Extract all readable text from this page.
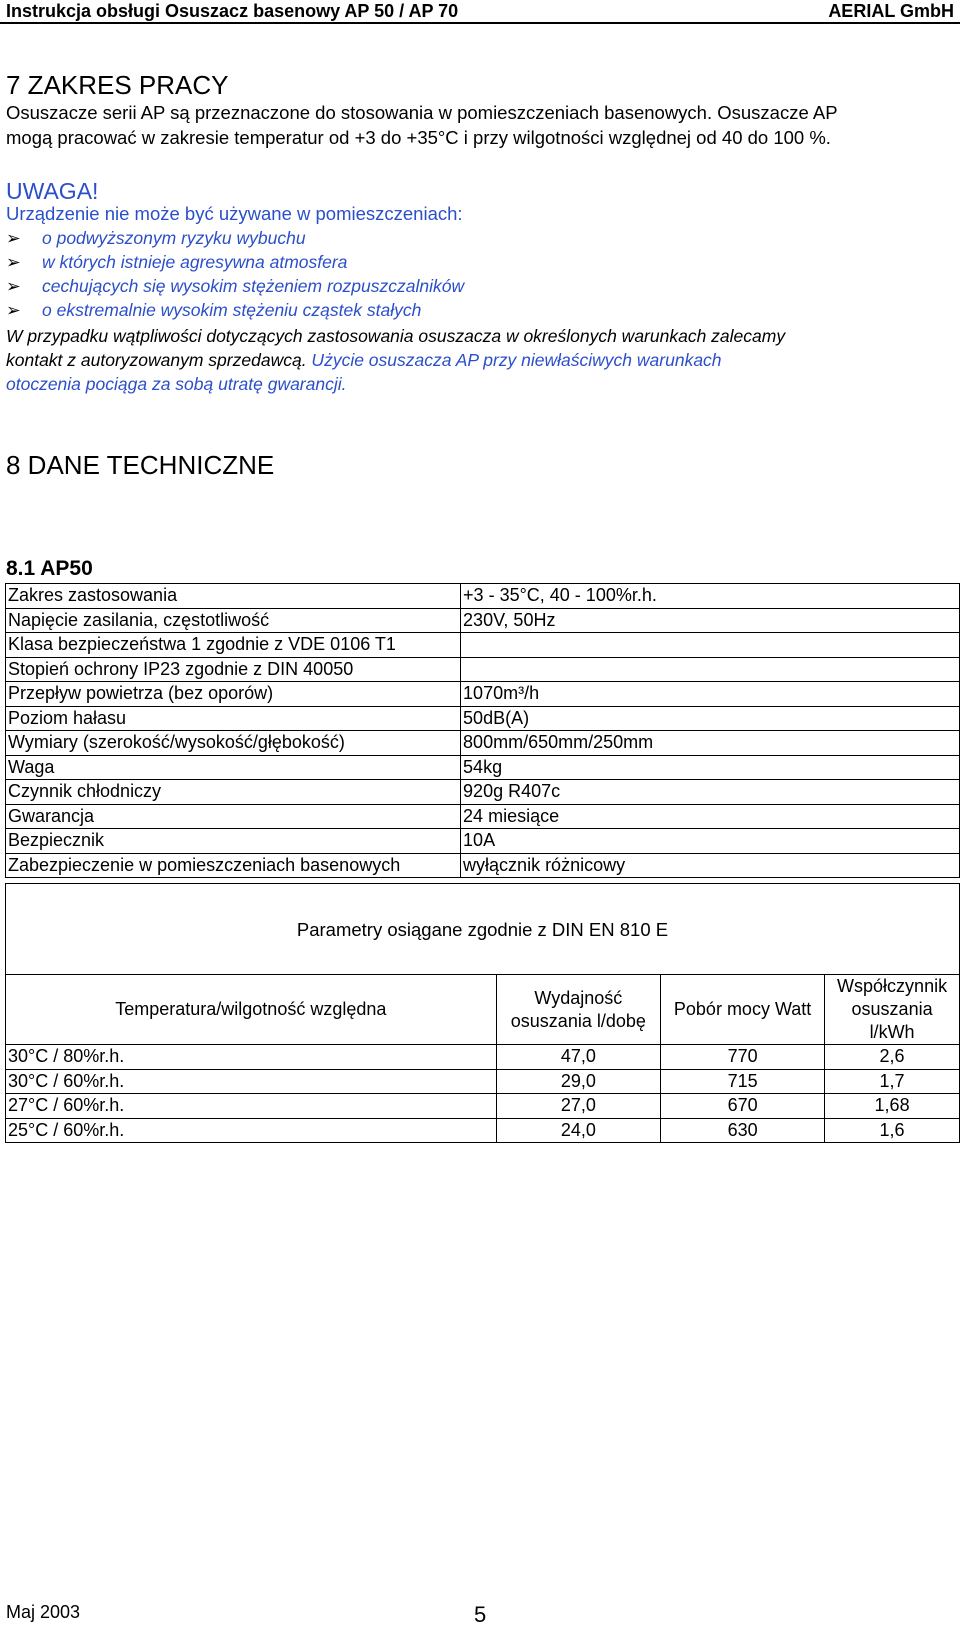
Instrukcja obsługi Osuszacz basenowy AP 50 / AP 70	AERIAL GmbH
7 ZAKRES PRACY

Osuszacze serii AP są przeznaczone do stosowania w pomieszczeniach basenowych. Osuszacze AP

mogą pracować w zakresie temperatur od +3 do +35°C i przy wilgotności względnej od 40 do 100 %.

UWAGA!

Urządzenie nie może być używane w pomieszczeniach:

➢ o podwyższonym ryzyku wybuchu
➢ w których istnieje agresywna atmosfera
➢ cechujących się wysokim stężeniem rozpuszczalników
➢ o ekstremalnie wysokim stężeniu cząstek stałych

W przypadku wątpliwości dotyczących zastosowania osuszacza w określonych warunkach zalecamy

kontakt z autoryzowanym sprzedawcą. Użycie osuszacza AP przy niewłaściwych warunkach

otoczenia pociąga za sobą utratę gwarancji.

8 DANE TECHNICZNE
8.1 AP50
Zakres zastosowania	+3 - 35°C, 40 - 100%r.h.
Napięcie zasilania, częstotliwość	230V, 50Hz
Klasa bezpieczeństwa 1 zgodnie z VDE 0106 T1	
Stopień ochrony IP23 zgodnie z DIN 40050	
Przepływ powietrza (bez oporów)	1070m³/h
Poziom hałasu	50dB(A)
Wymiary (szerokość/wysokość/głębokość)	800mm/650mm/250mm
Waga	54kg
Czynnik chłodniczy	920g R407c
Gwarancja	24 miesiące
Bezpiecznik	10A
Zabezpieczenie w pomieszczeniach basenowych	wyłącznik różnicowy
Parametry osiągane zgodnie z DIN EN 810 E			
Temperatura/wilgotność względna	Wydajność osuszania l/dobę	Pobór mocy Watt	Współczynnik osuszania l/kWh
30°C / 80%r.h.	47,0	770	2,6
30°C / 60%r.h.	29,0	715	1,7
27°C / 60%r.h.	27,0	670	1,68
25°C / 60%r.h.	24,0	630	1,6
Maj 2003	5
